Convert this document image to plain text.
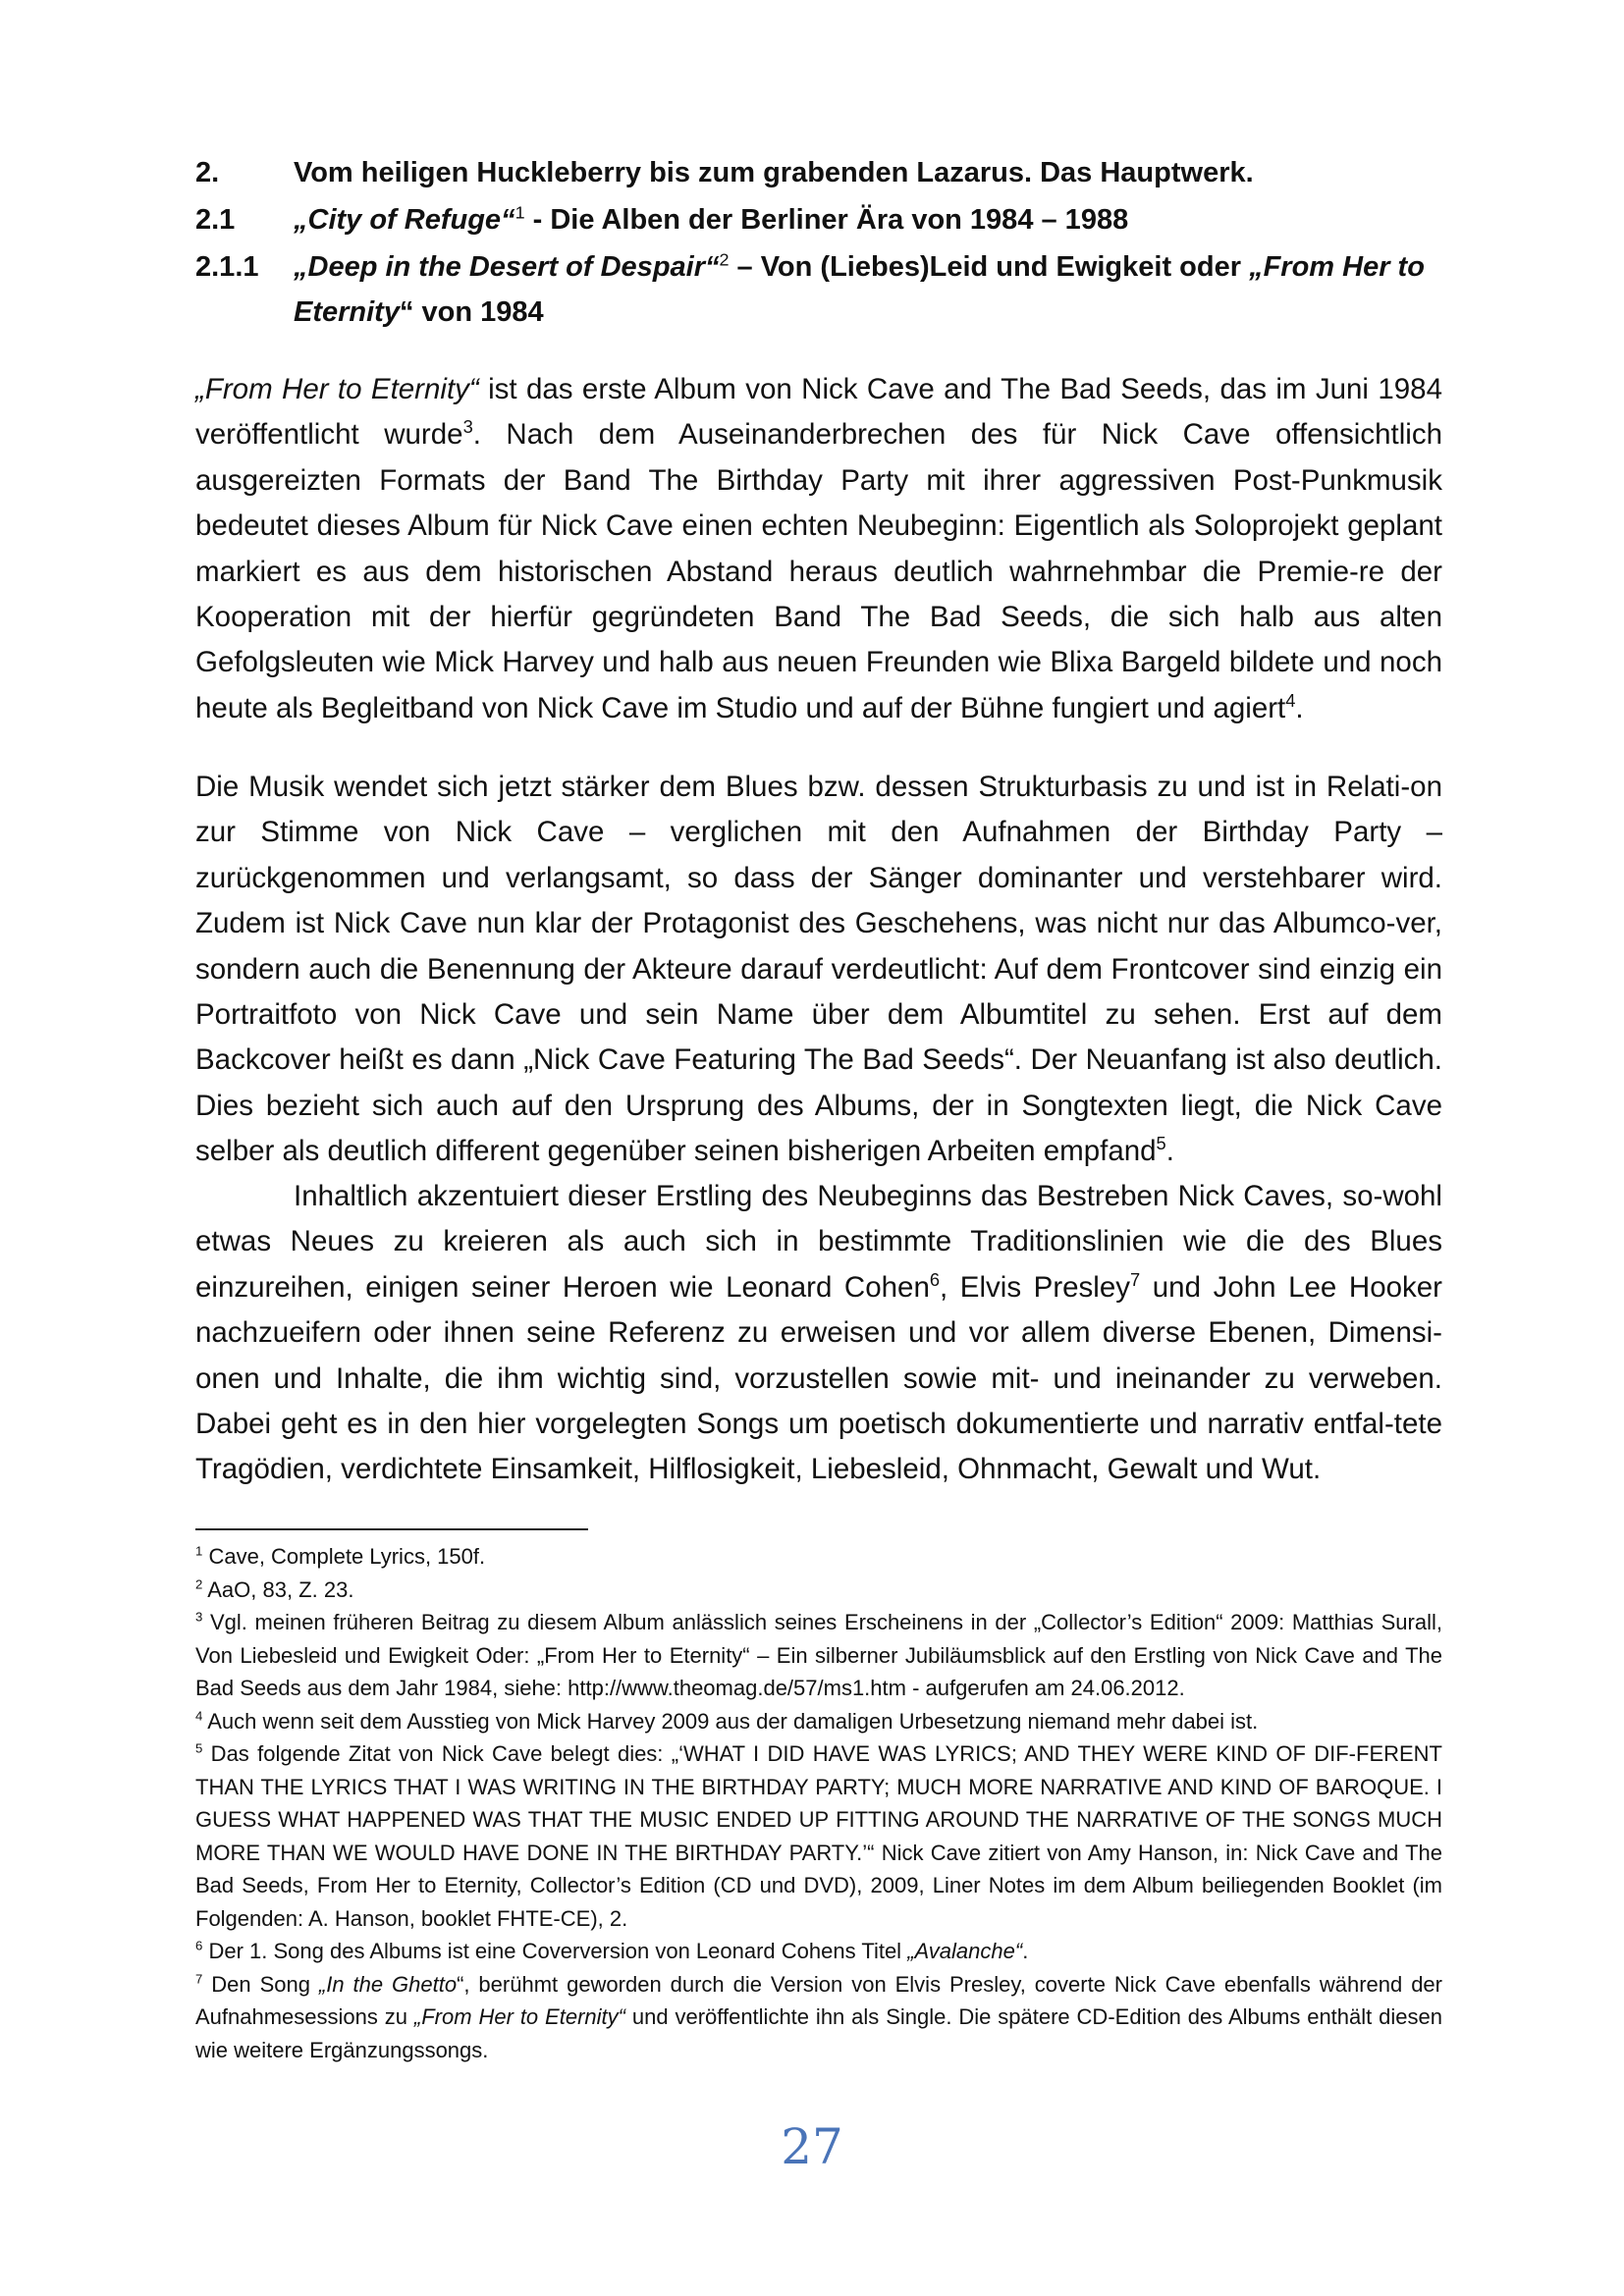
2.	Vom heiligen Huckleberry bis zum grabenden Lazarus. Das Hauptwerk.
2.1 „City of Refuge“$^1$ - Die Alben der Berliner Ära von 1984 – 1988
2.1.1 „Deep in the Desert of Despair“$^2$ – Von (Liebes)Leid und Ewigkeit oder „From Her to
Eternity“ von 1984

„From Her to Eternity“ ist das erste Album von Nick Cave and The Bad Seeds, das im Juni 1984 veröffentlicht wurde$^3$. Nach dem Auseinanderbrechen des für Nick Cave offensichtlich ausgereizten Formats der Band The Birthday Party mit ihrer aggressiven Post-Punkmusik bedeutet dieses Album für Nick Cave einen echten Neubeginn: Eigentlich als Soloprojekt geplant markiert es aus dem historischen Abstand heraus deutlich wahrnehmbar die Premie-re der Kooperation mit der hierfür gegründeten Band The Bad Seeds, die sich halb aus alten Gefolgsleuten wie Mick Harvey und halb aus neuen Freunden wie Blixa Bargeld bildete und noch heute als Begleitband von Nick Cave im Studio und auf der Bühne fungiert und agiert$^4$.

Die Musik wendet sich jetzt stärker dem Blues bzw. dessen Strukturbasis zu und ist in Relati-on zur Stimme von Nick Cave – verglichen mit den Aufnahmen der Birthday Party – zurückgenommen und verlangsamt, so dass der Sänger dominanter und verstehbarer wird. Zudem ist Nick Cave nun klar der Protagonist des Geschehens, was nicht nur das Albumco-ver, sondern auch die Benennung der Akteure darauf verdeutlicht: Auf dem Frontcover sind einzig ein Portraitfoto von Nick Cave und sein Name über dem Albumtitel zu sehen. Erst auf dem Backcover heißt es dann „Nick Cave Featuring The Bad Seeds“. Der Neuanfang ist also deutlich. Dies bezieht sich auch auf den Ursprung des Albums, der in Songtexten liegt, die Nick Cave selber als deutlich different gegenüber seinen bisherigen Arbeiten empfand$^5$.

Inhaltlich akzentuiert dieser Erstling des Neubeginns das Bestreben Nick Caves, so-wohl etwas Neues zu kreieren als auch sich in bestimmte Traditionslinien wie die des Blues einzureihen, einigen seiner Heroen wie Leonard Cohen$^6$, Elvis Presley$^7$ und John Lee Hooker nachzueifern oder ihnen seine Referenz zu erweisen und vor allem diverse Ebenen, Dimensi-onen und Inhalte, die ihm wichtig sind, vorzustellen sowie mit- und ineinander zu verweben. Dabei geht es in den hier vorgelegten Songs um poetisch dokumentierte und narrativ entfal-tete Tragödien, verdichtete Einsamkeit, Hilflosigkeit, Liebesleid, Ohnmacht, Gewalt und Wut.

$^1$ Cave, Complete Lyrics, 150f.

$^2$ AaO, 83, Z. 23.

$^3$ Vgl. meinen früheren Beitrag zu diesem Album anlässlich seines Erscheinens in der „Collector’s Edition“ 2009: Matthias Surall, Von Liebesleid und Ewigkeit Oder: „From Her to Eternity“ – Ein silberner Jubiläumsblick auf den Erstling von Nick Cave and The Bad Seeds aus dem Jahr 1984, siehe: http://www.theomag.de/57/ms1.htm - aufgerufen am 24.06.2012.

$^4$ Auch wenn seit dem Ausstieg von Mick Harvey 2009 aus der damaligen Urbesetzung niemand mehr dabei ist.

$^5$ Das folgende Zitat von Nick Cave belegt dies: „‘WHAT I DID HAVE WAS LYRICS; AND THEY WERE KIND OF DIF-FERENT THAN THE LYRICS THAT I WAS WRITING IN THE BIRTHDAY PARTY; MUCH MORE NARRATIVE AND KIND OF BAROQUE. I GUESS WHAT HAPPENED WAS THAT THE MUSIC ENDED UP FITTING AROUND THE NARRATIVE OF THE SONGS MUCH MORE THAN WE WOULD HAVE DONE IN THE BIRTHDAY PARTY.’“ Nick Cave zitiert von Amy Hanson, in: Nick Cave and The Bad Seeds, From Her to Eternity, Collector’s Edition (CD und DVD), 2009, Liner Notes im dem Album beiliegenden Booklet (im Folgenden: A. Hanson, booklet FHTE-CE), 2.

$^6$ Der 1. Song des Albums ist eine Coverversion von Leonard Cohens Titel „Avalanche“.

$^7$ Den Song „In the Ghetto“, berühmt geworden durch die Version von Elvis Presley, coverte Nick Cave ebenfalls während der Aufnahmesessions zu „From Her to Eternity“ und veröffentlichte ihn als Single. Die spätere CD-Edition des Albums enthält diesen wie weitere Ergänzungssongs.

27
